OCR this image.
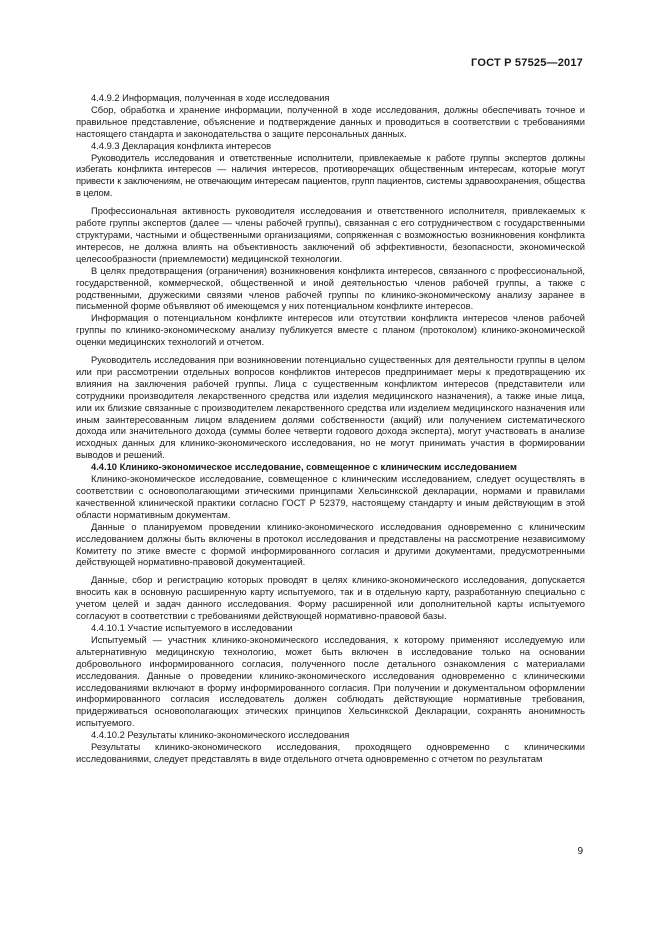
ГОСТ Р 57525—2017

4.4.9.2 Информация, полученная в ходе исследования

Сбор, обработка и хранение информации, полученной в ходе исследования, должны обеспечивать точное и правильное представление, объяснение и подтверждение данных и проводиться в соответствии с требованиями настоящего стандарта и законодательства о защите персональных данных.

4.4.9.3 Декларация конфликта интересов

Руководитель исследования и ответственные исполнители, привлекаемые к работе группы экспертов должны избегать конфликта интересов — наличия интересов, противоречащих общественным интересам, которые могут привести к заключениям, не отвечающим интересам пациентов, групп пациентов, системы здравоохранения, общества в целом.

Профессиональная активность руководителя исследования и ответственного исполнителя, привлекаемых к работе группы экспертов (далее — члены рабочей группы), связанная с его сотрудничеством с государственными структурами, частными и общественными организациями, сопряженная с возможностью возникновения конфликта интересов, не должна влиять на объективность заключений об эффективности, безопасности, экономической целесообразности (приемлемости) медицинской технологии.

В целях предотвращения (ограничения) возникновения конфликта интересов, связанного с профессиональной, государственной, коммерческой, общественной и иной деятельностью членов рабочей группы, а также с родственными, дружескими связями членов рабочей группы по клинико-экономическому анализу заранее в письменной форме объявляют об имеющемся у них потенциальном конфликте интересов.

Информация о потенциальном конфликте интересов или отсутствии конфликта интересов членов рабочей группы по клинико-экономическому анализу публикуется вместе с планом (протоколом) клинико-экономической оценки медицинских технологий и отчетом.

Руководитель исследования при возникновении потенциально существенных для деятельности группы в целом или при рассмотрении отдельных вопросов конфликтов интересов предпринимает меры к предотвращению их влияния на заключения рабочей группы. Лица с существенным конфликтом интересов (представители или сотрудники производителя лекарственного средства или изделия медицинского назначения), а также иные лица, или их близкие связанные с производителем лекарственного средства или изделием медицинского назначения или иным заинтересованным лицом владением долями собственности (акций) или получением систематического дохода или значительного дохода (суммы более четверти годового дохода эксперта), могут участвовать в анализе исходных данных для клинико-экономического исследования, но не могут принимать участия в формировании выводов и решений.

4.4.10 Клинико-экономическое исследование, совмещенное с клиническим исследованием

Клинико-экономическое исследование, совмещенное с клиническим исследованием, следует осуществлять в соответствии с основополагающими этическими принципами Хельсинкской декларации, нормами и правилами качественной клинической практики согласно ГОСТ Р 52379, настоящему стандарту и иным действующим в этой области нормативным документам.

Данные о планируемом проведении клинико-экономического исследования одновременно с клиническим исследованием должны быть включены в протокол исследования и представлены на рассмотрение независимому Комитету по этике вместе с формой информированного согласия и другими документами, предусмотренными действующей нормативно-правовой документацией.

Данные, сбор и регистрацию которых проводят в целях клинико-экономического исследования, допускается вносить как в основную расширенную карту испытуемого, так и в отдельную карту, разработанную специально с учетом целей и задач данного исследования. Форму расширенной или дополнительной карты испытуемого согласуют в соответствии с требованиями действующей нормативно-правовой базы.

4.4.10.1 Участие испытуемого в исследовании

Испытуемый — участник клинико-экономического исследования, к которому применяют исследуемую или альтернативную медицинскую технологию, может быть включен в исследование только на основании добровольного информированного согласия, полученного после детального ознакомления с материалами исследования. Данные о проведении клинико-экономического исследования одновременно с клиническими исследованиями включают в форму информированного согласия. При получении и документальном оформлении информированного согласия исследователь должен соблюдать действующие нормативные требования, придерживаться основополагающих этических принципов Хельсинкской Декларации, сохранять анонимность испытуемого.

4.4.10.2 Результаты клинико-экономического исследования

Результаты клинико-экономического исследования, проходящего одновременно с клиническими исследованиями, следует представлять в виде отдельного отчета одновременно с отчетом по результатам

9
